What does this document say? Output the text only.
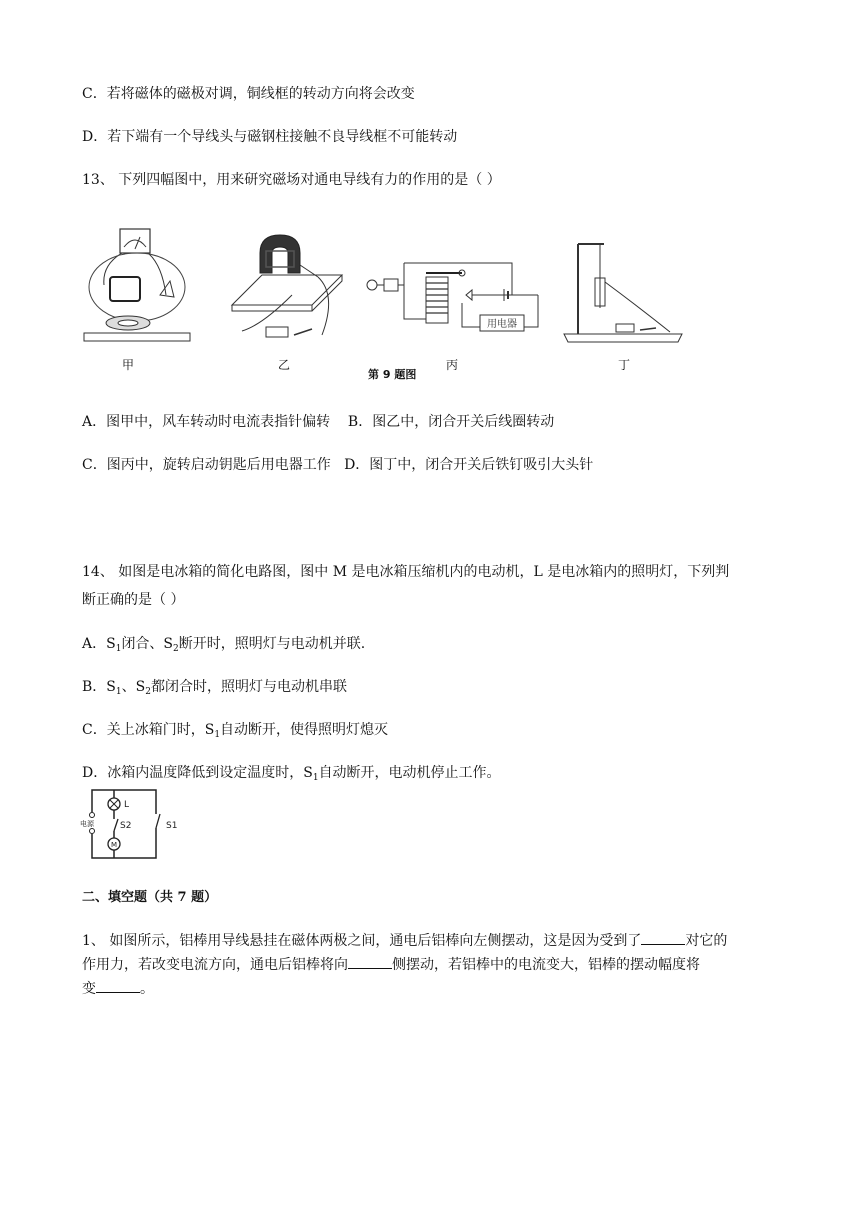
C．若将磁体的磁极对调，铜线框的转动方向将会改变
D．若下端有一个导线头与磁钢柱接触不良导线框不可能转动
13、 下列四幅图中，用来研究磁场对通电导线有力的作用的是（ ）
甲	乙
用电器
丙
第 9 题图
丁
A．图甲中，风车转动时电流表指针偏转 B．图乙中，闭合开关后线圈转动
C．图丙中，旋转启动钥匙后用电器工作 D．图丁中，闭合开关后铁钉吸引大头针
14、 如图是电冰箱的简化电路图，图中 M 是电冰箱压缩机内的电动机，L 是电冰箱内的照明灯，下列判
断正确的是（ ）
A．$S_1$闭合、$S_2$断开时，照明灯与电动机并联.
B．$S_1$、$S_2$都闭合时，照明灯与电动机串联
C．关上冰箱门时，$S_1$自动断开，使得照明灯熄灭
D．冰箱内温度降低到设定温度时，$S_1$自动断开，电动机停止工作。
电源
L
S2
M
S1
二、填空题（共 7 题）
1、 如图所示，铝棒用导线悬挂在磁体两极之间，通电后铝棒向左侧摆动，这是因为受到了	对它的
作用力，若改变电流方向，通电后铝棒将向	侧摆动，若铝棒中的电流变大，铝棒的摆动幅度将
变	。
